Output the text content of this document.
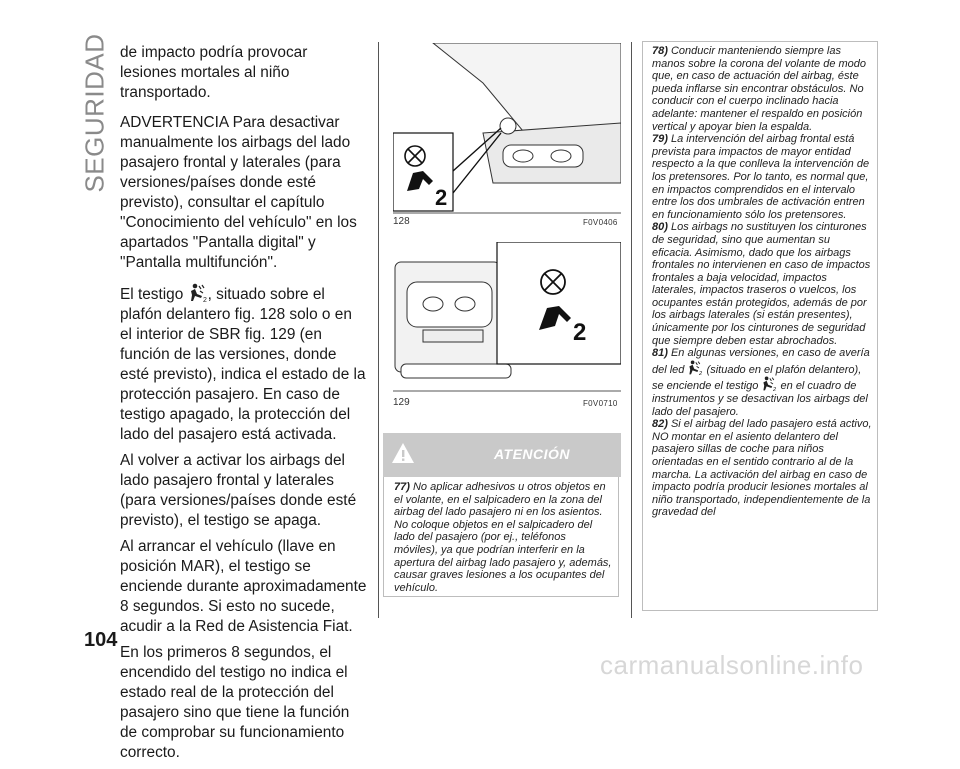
SEGURIDAD de impacto podría provocar lesiones mortales al niño transportado.

ADVERTENCIA Para desactivar manualmente los airbags del lado pasajero frontal y laterales (para versiones/países donde esté previsto), consultar el capítulo "Conocimiento del vehículo" en los apartados "Pantalla digital" y "Pantalla multifunción".

El testigo 2 , situado sobre el plafón delantero fig. 128 solo o en el interior de SBR fig. 129 (en función de las versiones, donde esté previsto), indica el estado de la protección pasajero. En caso de testigo apagado, la protección del lado del pasajero está activada.

Al volver a activar los airbags del lado pasajero frontal y laterales (para versiones/países donde esté previsto), el testigo se apaga.

Al arrancar el vehículo (llave en posición MAR), el testigo se enciende durante aproximadamente 8 segundos. Si esto no sucede, acudir a la Red de Asistencia Fiat.

En los primeros 8 segundos, el encendido del testigo no indica el estado real de la protección del pasajero sino que tiene la función de comprobar su funcionamiento correcto.

2
128	F0V0406
2
129	F0V0710
ATENCIÓN
77) No aplicar adhesivos u otros objetos en el volante, en el salpicadero en la zona del airbag del lado pasajero ni en los asientos. No coloque objetos en el salpicadero del lado del pasajero (por ej., teléfonos móviles), ya que podrían interferir en la apertura del airbag lado pasajero y, además, causar graves lesiones a los ocupantes del vehículo.

78) Conducir manteniendo siempre las manos sobre la corona del volante de modo que, en caso de actuación del airbag, éste pueda inflarse sin encontrar obstáculos. No conducir con el cuerpo inclinado hacia adelante: mantener el respaldo en posición vertical y apoyar bien la espalda.

79) La intervención del airbag frontal está prevista para impactos de mayor entidad respecto a la que conlleva la intervención de los pretensores. Por lo tanto, es normal que, en impactos comprendidos en el intervalo entre los dos umbrales de activación entren en funcionamiento sólo los pretensores.

80) Los airbags no sustituyen los cinturones de seguridad, sino que aumentan su eficacia. Asimismo, dado que los airbags frontales no intervienen en caso de impactos frontales a baja velocidad, impactos laterales, impactos traseros o vuelcos, los ocupantes están protegidos, además de por los airbags laterales (si están presentes), únicamente por los cinturones de seguridad que siempre deben estar abrochados.

81) En algunas versiones, en caso de avería del led 2 (situado en el plafón delantero), se enciende el testigo 2 en el cuadro de instrumentos y se desactivan los airbags del lado del pasajero.

82) Si el airbag del lado pasajero está activo, NO montar en el asiento delantero del pasajero sillas de coche para niños orientadas en el sentido contrario al de la marcha. La activación del airbag en caso de impacto podría producir lesiones mortales al niño transportado, independientemente de la gravedad del

104
carmanualsonline.info
